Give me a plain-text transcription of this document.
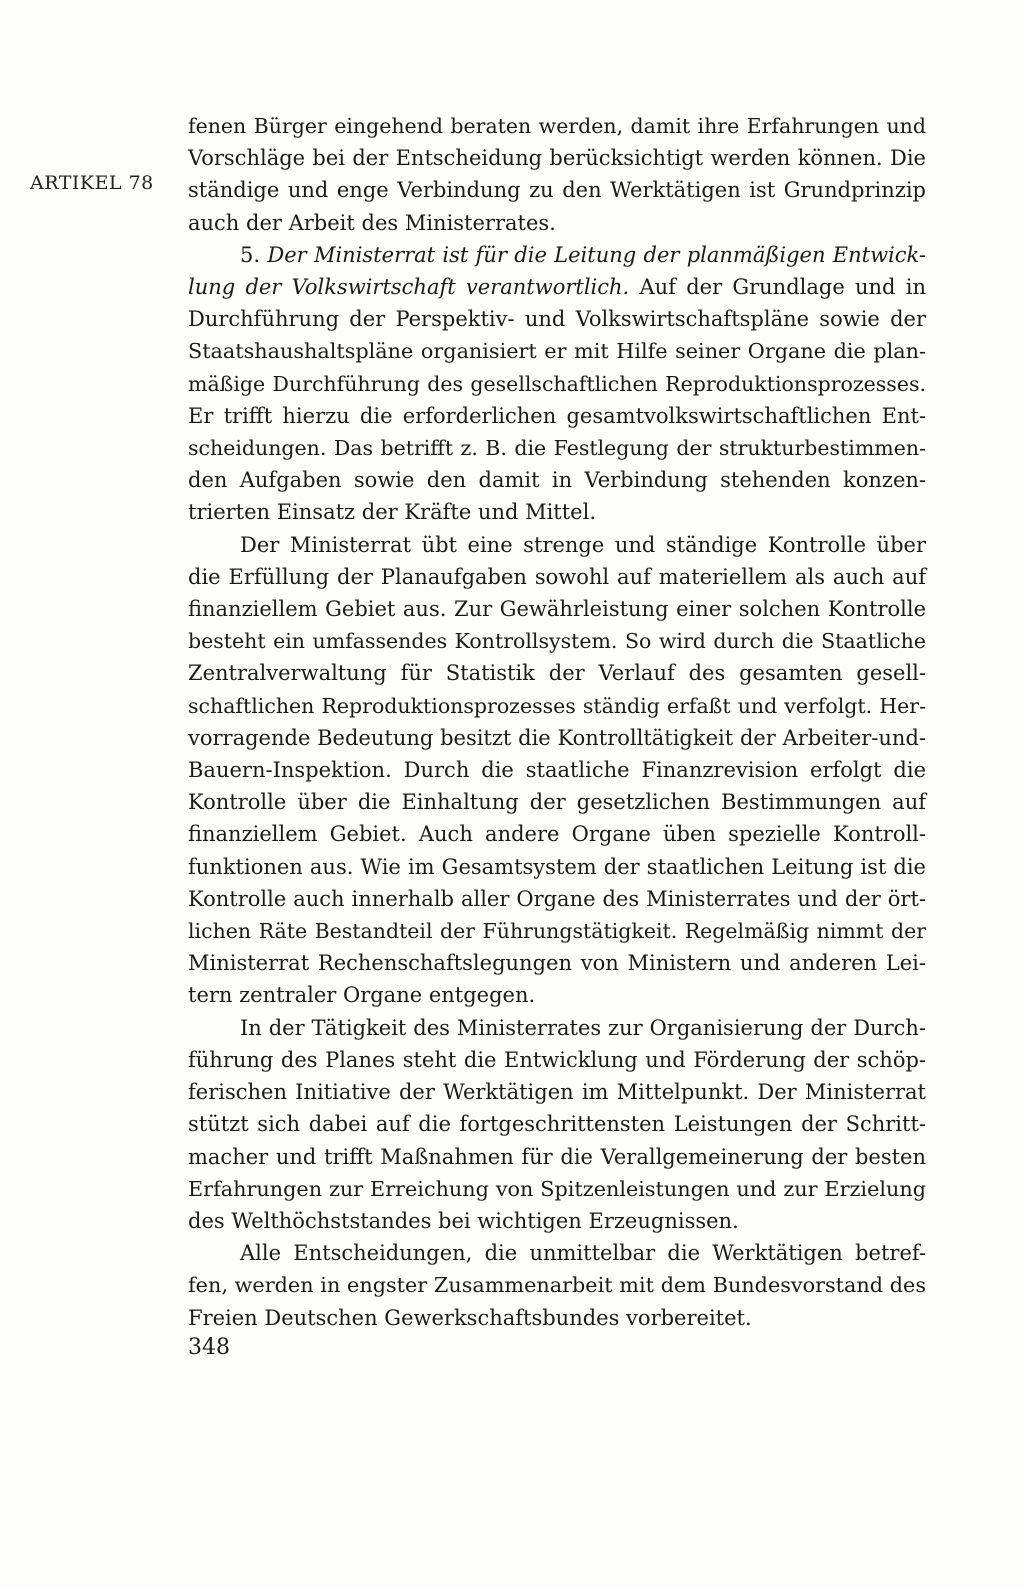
ARTIKEL 78

fenen Bürger eingehend beraten werden, damit ihre Erfahrungen und
Vorschläge bei der Entscheidung berücksichtigt werden können. Die
ständige und enge Verbindung zu den Werktätigen ist Grundprinzip
auch der Arbeit des Ministerrates.

5. Der Ministerrat ist für die Leitung der planmäßigen Entwick-
lung der Volkswirtschaft verantwortlich. Auf der Grundlage und in
Durchführung der Perspektiv- und Volkswirtschaftspläne sowie der
Staatshaushaltspläne organisiert er mit Hilfe seiner Organe die plan-
mäßige Durchführung des gesellschaftlichen Reproduktionsprozesses.
Er trifft hierzu die erforderlichen gesamtvolkswirtschaftlichen Ent-
scheidungen. Das betrifft z. B. die Festlegung der strukturbestimmen-
den Aufgaben sowie den damit in Verbindung stehenden konzen-
trierten Einsatz der Kräfte und Mittel.

Der Ministerrat übt eine strenge und ständige Kontrolle über
die Erfüllung der Planaufgaben sowohl auf materiellem als auch auf
finanziellem Gebiet aus. Zur Gewährleistung einer solchen Kontrolle
besteht ein umfassendes Kontrollsystem. So wird durch die Staatliche
Zentralverwaltung für Statistik der Verlauf des gesamten gesell-
schaftlichen Reproduktionsprozesses ständig erfaßt und verfolgt. Her-
vorragende Bedeutung besitzt die Kontrolltätigkeit der Arbeiter-und-
Bauern-Inspektion. Durch die staatliche Finanzrevision erfolgt die
Kontrolle über die Einhaltung der gesetzlichen Bestimmungen auf
finanziellem Gebiet. Auch andere Organe üben spezielle Kontroll-
funktionen aus. Wie im Gesamtsystem der staatlichen Leitung ist die
Kontrolle auch innerhalb aller Organe des Ministerrates und der ört-
lichen Räte Bestandteil der Führungstätigkeit. Regelmäßig nimmt der
Ministerrat Rechenschaftslegungen von Ministern und anderen Lei-
tern zentraler Organe entgegen.

In der Tätigkeit des Ministerrates zur Organisierung der Durch-
führung des Planes steht die Entwicklung und Förderung der schöp-
ferischen Initiative der Werktätigen im Mittelpunkt. Der Ministerrat
stützt sich dabei auf die fortgeschrittensten Leistungen der Schritt-
macher und trifft Maßnahmen für die Verallgemeinerung der besten
Erfahrungen zur Erreichung von Spitzenleistungen und zur Erzielung
des Welthöchststandes bei wichtigen Erzeugnissen.

Alle Entscheidungen, die unmittelbar die Werktätigen betref-
fen, werden in engster Zusammenarbeit mit dem Bundesvorstand des
Freien Deutschen Gewerkschaftsbundes vorbereitet.

348
